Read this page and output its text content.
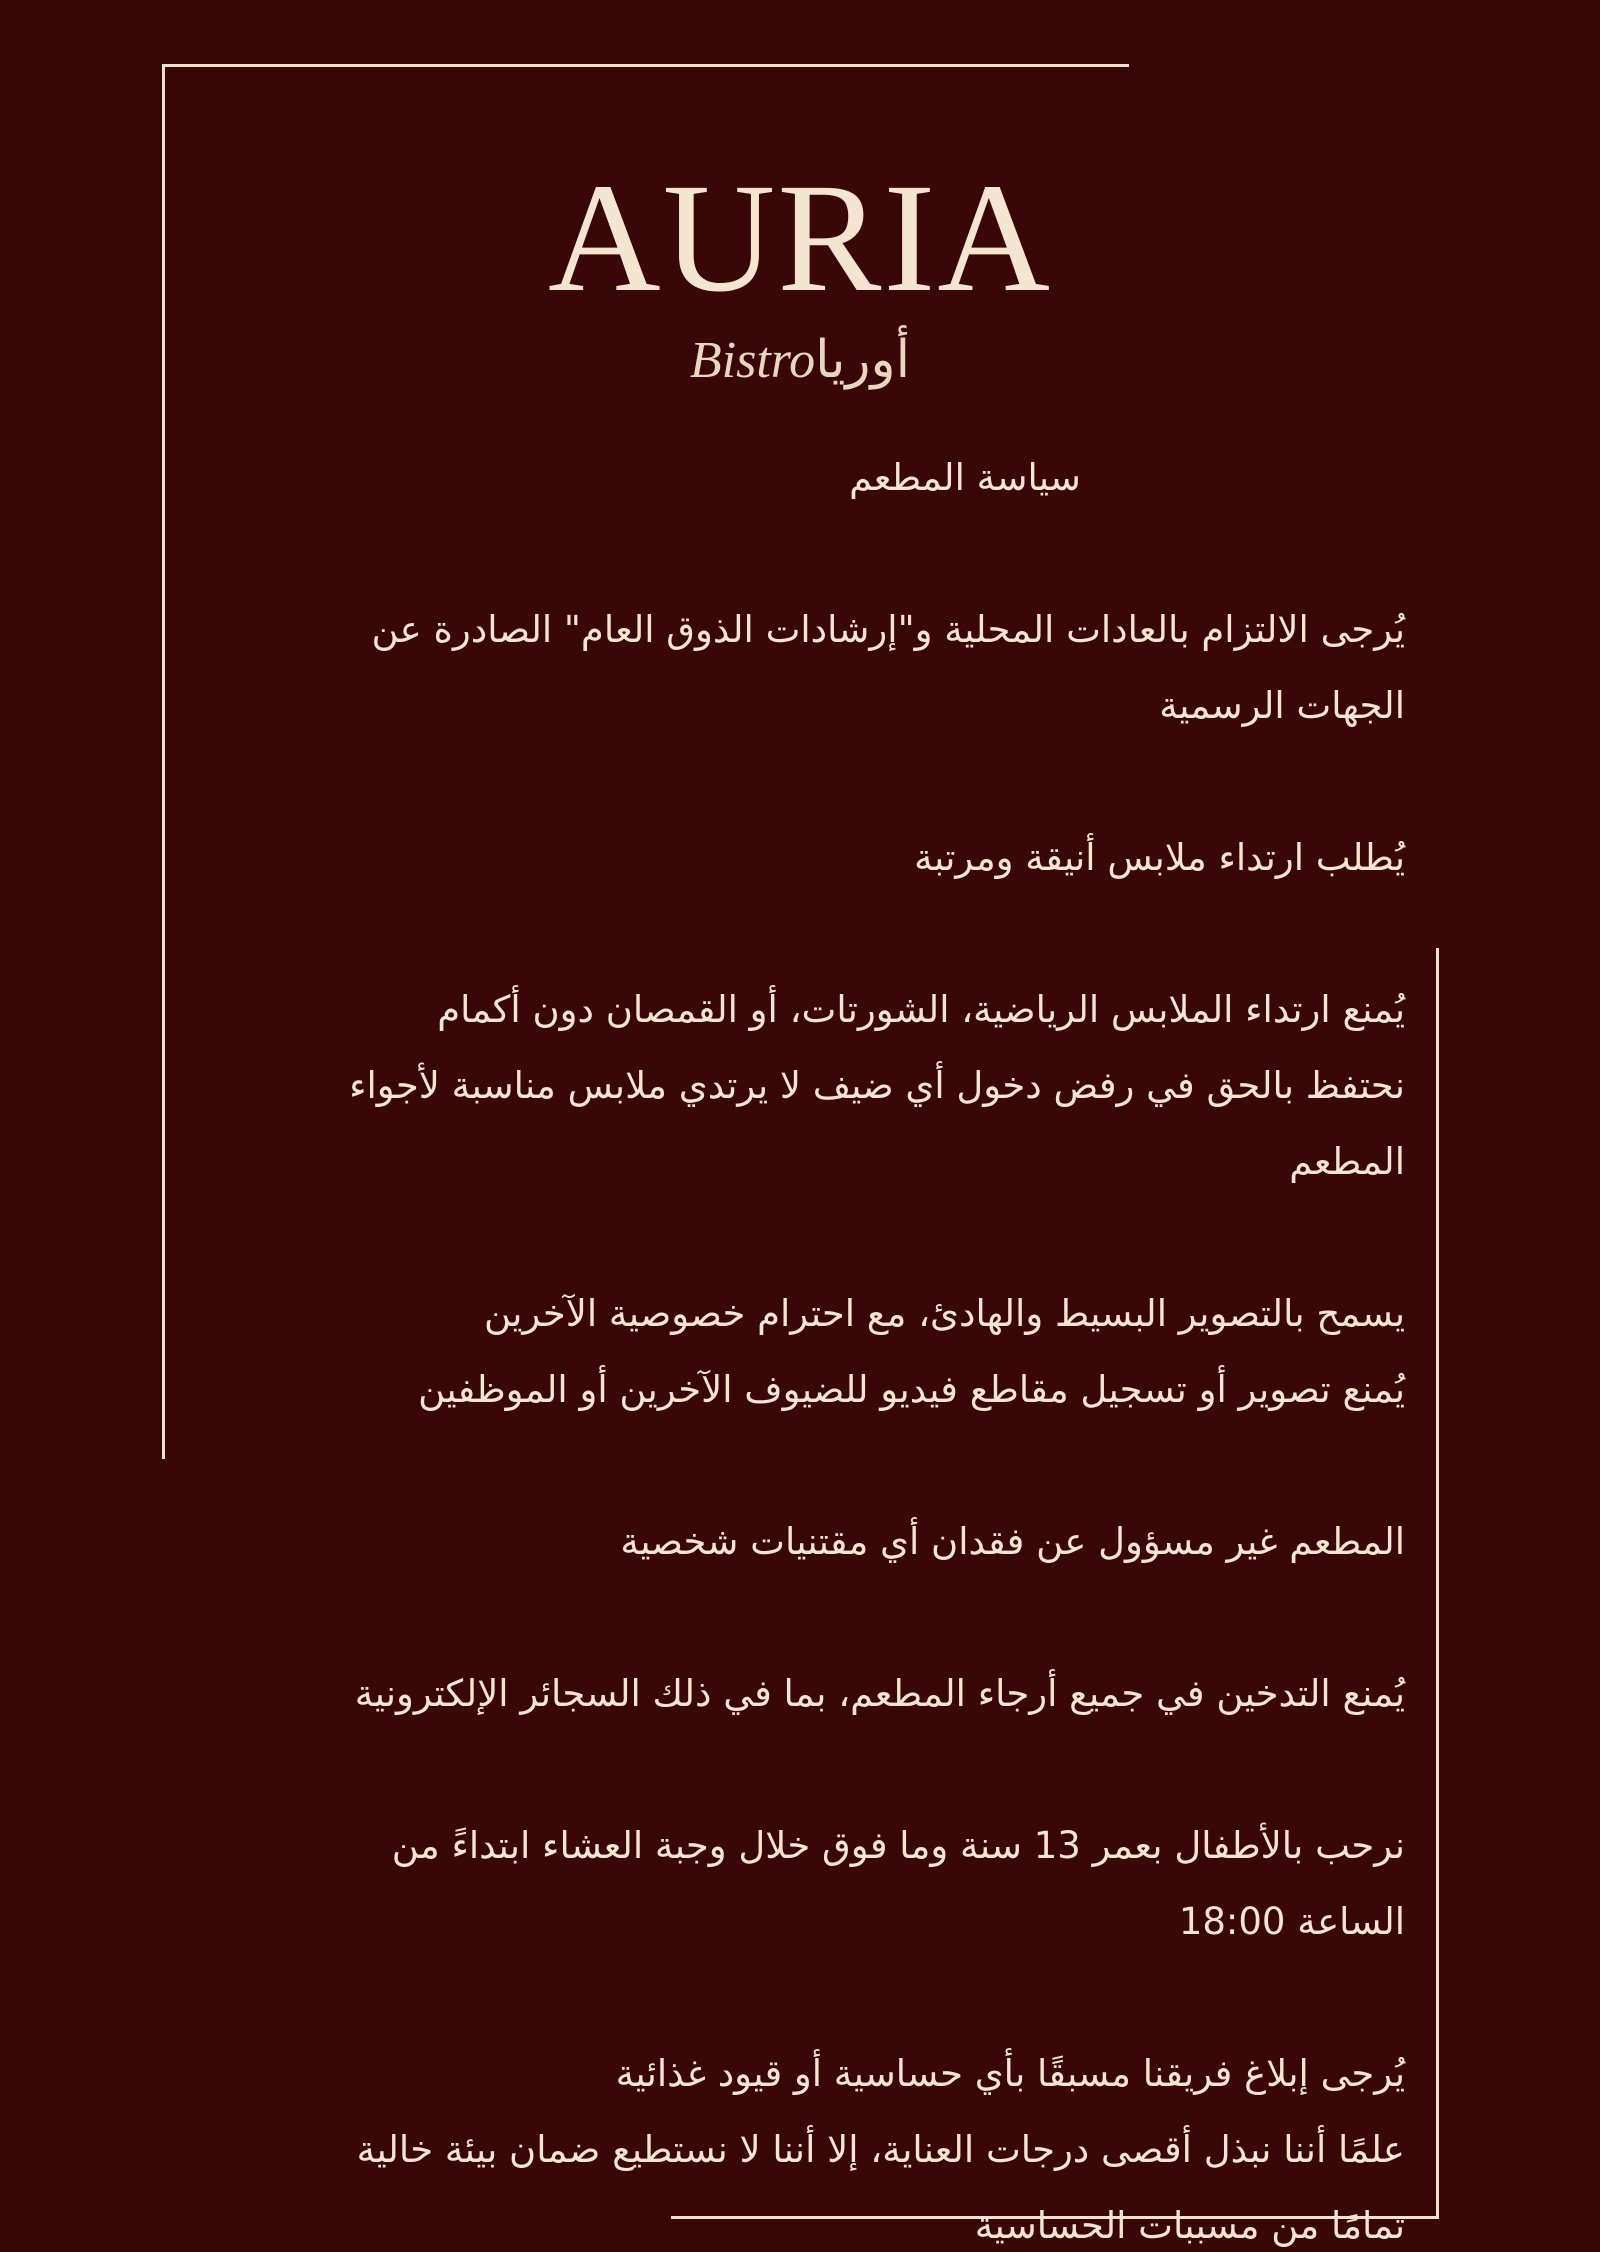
AURIA
Bistroأوريا
سياسة المطعم
يُرجى الالتزام بالعادات المحلية و"إرشادات الذوق العام" الصادرة عن
الجهات الرسمية
يُطلب ارتداء ملابس أنيقة ومرتبة
يُمنع ارتداء الملابس الرياضية، الشورتات، أو القمصان دون أكمام
نحتفظ بالحق في رفض دخول أي ضيف لا يرتدي ملابس مناسبة لأجواء
المطعم
يسمح بالتصوير البسيط والهادئ، مع احترام خصوصية الآخرين
يُمنع تصوير أو تسجيل مقاطع فيديو للضيوف الآخرين أو الموظفين
المطعم غير مسؤول عن فقدان أي مقتنيات شخصية
يُمنع التدخين في جميع أرجاء المطعم، بما في ذلك السجائر الإلكترونية
نرحب بالأطفال بعمر 13 سنة وما فوق خلال وجبة العشاء ابتداءً من
الساعة 18:00
يُرجى إبلاغ فريقنا مسبقًا بأي حساسية أو قيود غذائية
علمًا أننا نبذل أقصى درجات العناية، إلا أننا لا نستطيع ضمان بيئة خالية
تمامًا من مسببات الحساسية
